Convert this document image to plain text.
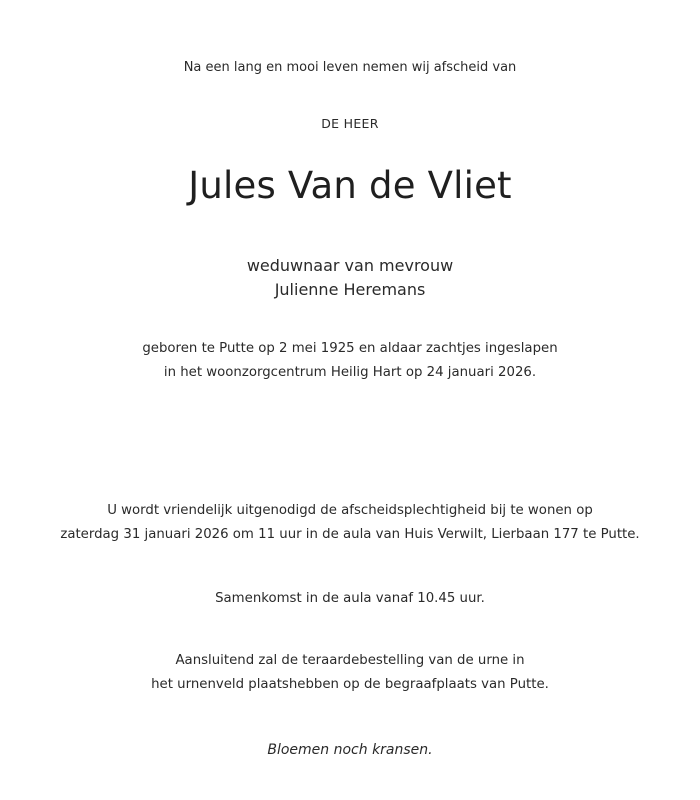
Na een lang en mooi leven nemen wij afscheid van
DE HEER
Jules Van de Vliet
weduwnaar van mevrouw
Julienne Heremans
geboren te Putte op 2 mei 1925 en aldaar zachtjes ingeslapen
in het woonzorgcentrum Heilig Hart op 24 januari 2026.
U wordt vriendelijk uitgenodigd de afscheidsplechtigheid bij te wonen op
zaterdag 31 januari 2026 om 11 uur in de aula van Huis Verwilt, Lierbaan 177 te Putte.
Samenkomst in de aula vanaf 10.45 uur.
Aansluitend zal de teraardebestelling van de urne in
het urnenveld plaatshebben op de begraafplaats van Putte.
Bloemen noch kransen.
